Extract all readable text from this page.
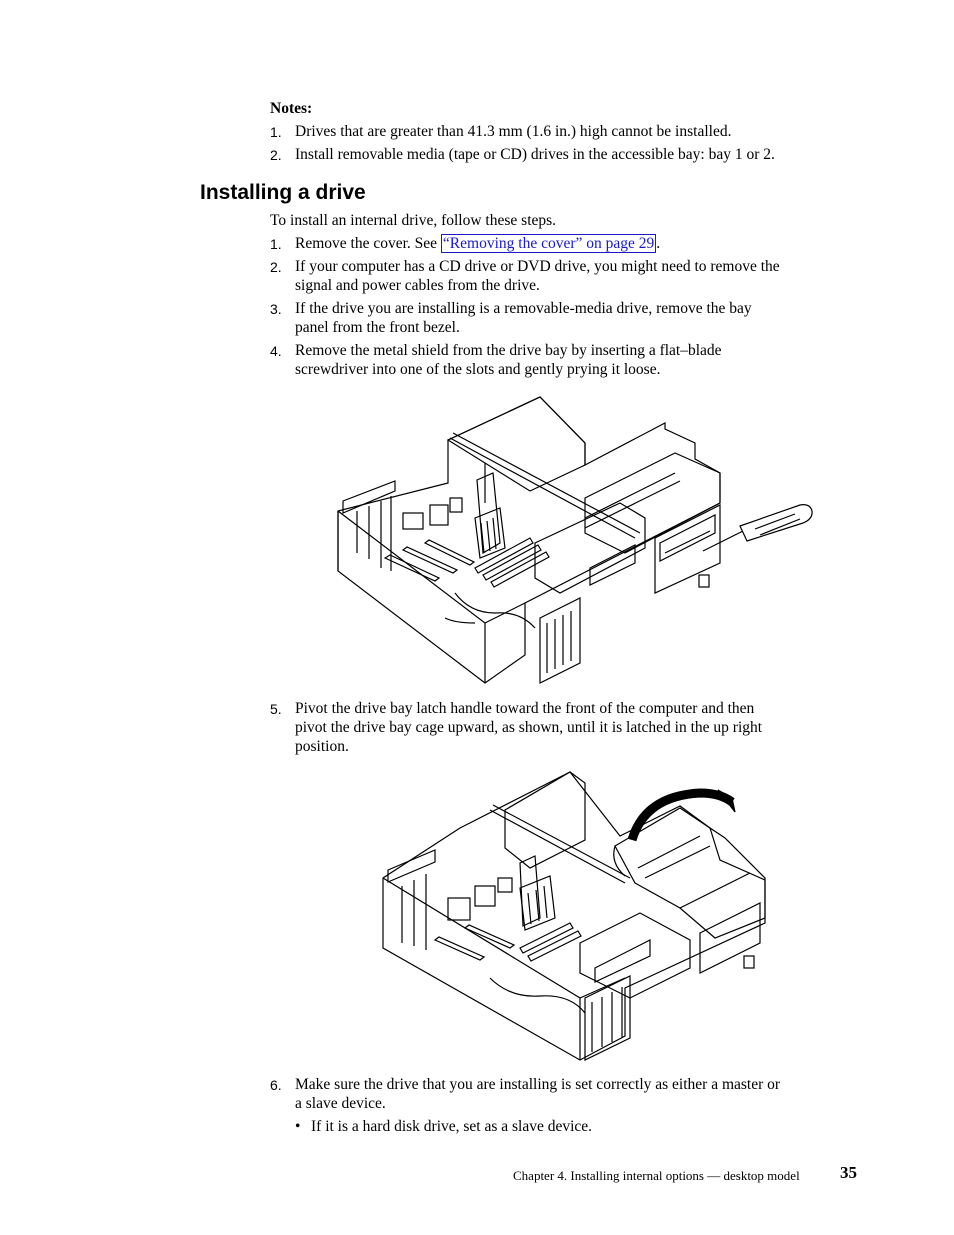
Notes:
1. Drives that are greater than 41.3 mm (1.6 in.) high cannot be installed.
2. Install removable media (tape or CD) drives in the accessible bay: bay 1 or 2.
Installing a drive
To install an internal drive, follow these steps.
1. Remove the cover. See “Removing the cover” on page 29 .
2. If your computer has a CD drive or DVD drive, you might need to remove the
signal and power cables from the drive.
3. If the drive you are installing is a removable-media drive, remove the bay
panel from the front bezel.
4. Remove the metal shield from the drive bay by inserting a flat–blade
screwdriver into one of the slots and gently prying it loose.
5. Pivot the drive bay latch handle toward the front of the computer and then
pivot the drive bay cage upward, as shown, until it is latched in the up right
position.
6. Make sure the drive that you are installing is set correctly as either a master or
a slave device.
• If it is a hard disk drive, set as a slave device.
Chapter 4. Installing internal options — desktop model 35
